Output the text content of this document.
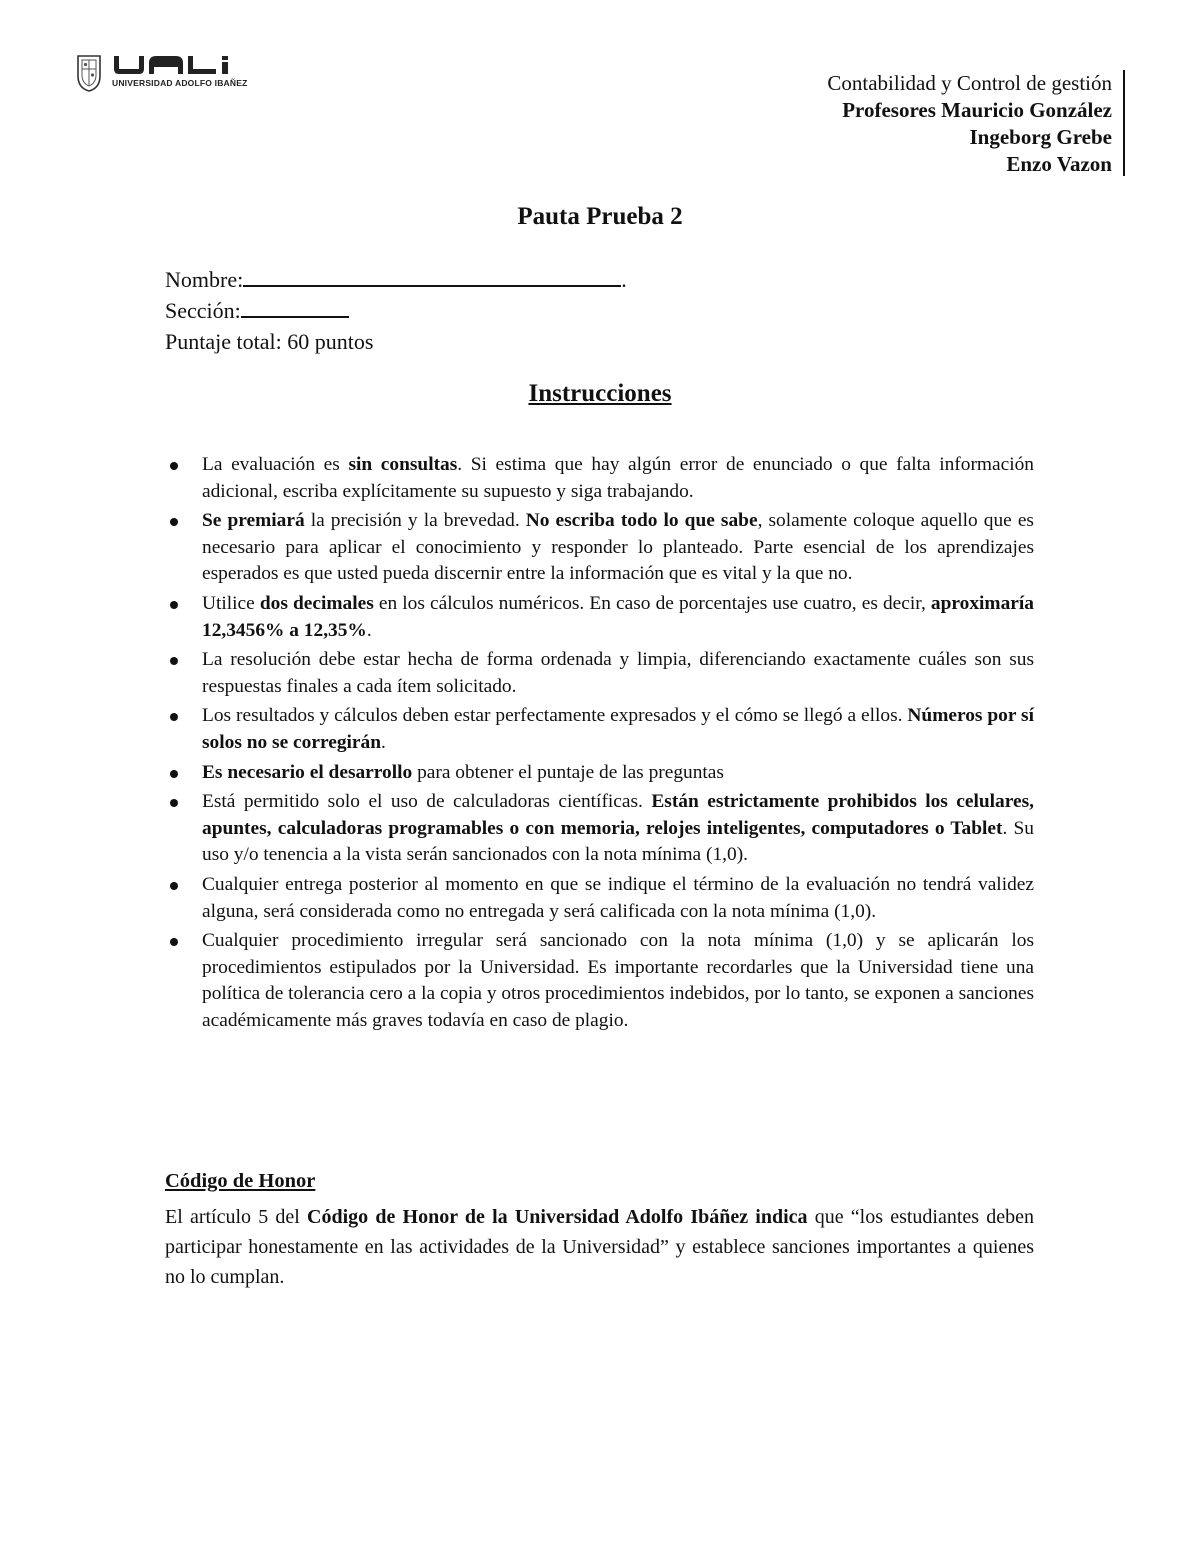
UNIVERSIDAD ADOLFO IBAÑEZ	Contabilidad y Control de gestión
Profesores Mauricio González
Ingeborg Grebe
Enzo Vazon
Pauta Prueba 2
Nombre:	.
Sección:
Puntaje total: 60 puntos
Instrucciones
La evaluación es sin consultas. Si estima que hay algún error de enunciado o que falta información adicional, escriba explícitamente su supuesto y siga trabajando.
Se premiará la precisión y la brevedad. No escriba todo lo que sabe, solamente coloque aquello que es necesario para aplicar el conocimiento y responder lo planteado. Parte esencial de los aprendizajes esperados es que usted pueda discernir entre la información que es vital y la que no.
Utilice dos decimales en los cálculos numéricos. En caso de porcentajes use cuatro, es decir, aproximaría 12,3456% a 12,35%.
La resolución debe estar hecha de forma ordenada y limpia, diferenciando exactamente cuáles son sus respuestas finales a cada ítem solicitado.
Los resultados y cálculos deben estar perfectamente expresados y el cómo se llegó a ellos. Números por sí solos no se corregirán.
Es necesario el desarrollo para obtener el puntaje de las preguntas
Está permitido solo el uso de calculadoras científicas. Están estrictamente prohibidos los celulares, apuntes, calculadoras programables o con memoria, relojes inteligentes, computadores o Tablet. Su uso y/o tenencia a la vista serán sancionados con la nota mínima (1,0).
Cualquier entrega posterior al momento en que se indique el término de la evaluación no tendrá validez alguna, será considerada como no entregada y será calificada con la nota mínima (1,0).
Cualquier procedimiento irregular será sancionado con la nota mínima (1,0) y se aplicarán los procedimientos estipulados por la Universidad. Es importante recordarles que la Universidad tiene una política de tolerancia cero a la copia y otros procedimientos indebidos, por lo tanto, se exponen a sanciones académicamente más graves todavía en caso de plagio.
Código de Honor

El artículo 5 del Código de Honor de la Universidad Adolfo Ibáñez indica que “los estudiantes deben participar honestamente en las actividades de la Universidad” y establece sanciones importantes a quienes no lo cumplan.
